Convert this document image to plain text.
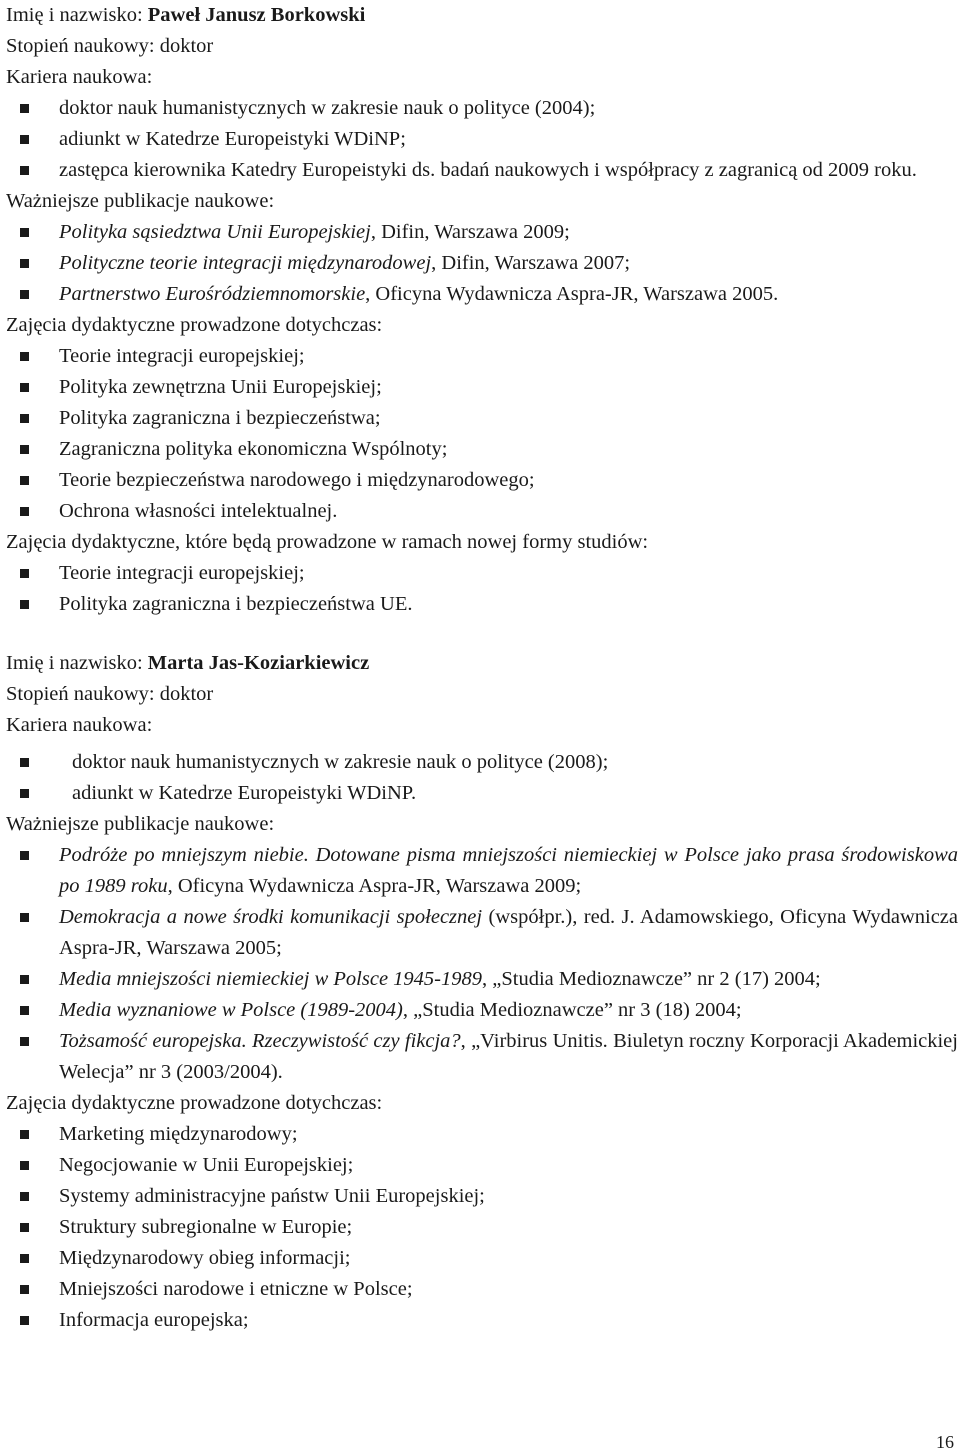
Imię i nazwisko: Paweł Janusz Borkowski

Stopień naukowy: doktor

Kariera naukowa:

doktor nauk humanistycznych w zakresie nauk o polityce (2004);
adiunkt w Katedrze Europeistyki WDiNP;
zastępca kierownika Katedry Europeistyki ds. badań naukowych i współpracy z zagranicą od 2009 roku.

Ważniejsze publikacje naukowe:

Polityka sąsiedztwa Unii Europejskiej, Difin, Warszawa 2009;
Polityczne teorie integracji międzynarodowej, Difin, Warszawa 2007;
Partnerstwo Eurośródziemnomorskie, Oficyna Wydawnicza Aspra-JR, Warszawa 2005.

Zajęcia dydaktyczne prowadzone dotychczas:

Teorie integracji europejskiej;
Polityka zewnętrzna Unii Europejskiej;
Polityka zagraniczna i bezpieczeństwa;
Zagraniczna polityka ekonomiczna Wspólnoty;
Teorie bezpieczeństwa narodowego i międzynarodowego;
Ochrona własności intelektualnej.

Zajęcia dydaktyczne, które będą prowadzone w ramach nowej formy studiów:

Teorie integracji europejskiej;
Polityka zagraniczna i bezpieczeństwa UE.

Imię i nazwisko: Marta Jas-Koziarkiewicz

Stopień naukowy: doktor

Kariera naukowa:

doktor nauk humanistycznych w zakresie nauk o polityce (2008);
adiunkt w Katedrze Europeistyki WDiNP.

Ważniejsze publikacje naukowe:

Podróże po mniejszym niebie. Dotowane pisma mniejszości niemieckiej w Polsce jako prasa środowiskowa po 1989 roku, Oficyna Wydawnicza Aspra-JR, Warszawa 2009;
Demokracja a nowe środki komunikacji społecznej (współpr.), red. J. Adamowskiego, Oficyna Wydawnicza Aspra-JR, Warszawa 2005;
Media mniejszości niemieckiej w Polsce 1945-1989, „Studia Medioznawcze” nr 2 (17) 2004;
Media wyznaniowe w Polsce (1989-2004), „Studia Medioznawcze” nr 3 (18) 2004;
Tożsamość europejska. Rzeczywistość czy fikcja?, „Virbirus Unitis. Biuletyn roczny Korporacji Akademickiej Welecja” nr 3 (2003/2004).

Zajęcia dydaktyczne prowadzone dotychczas:

Marketing międzynarodowy;
Negocjowanie w Unii Europejskiej;
Systemy administracyjne państw Unii Europejskiej;
Struktury subregionalne w Europie;
Międzynarodowy obieg informacji;
Mniejszości narodowe i etniczne w Polsce;
Informacja europejska;
16
